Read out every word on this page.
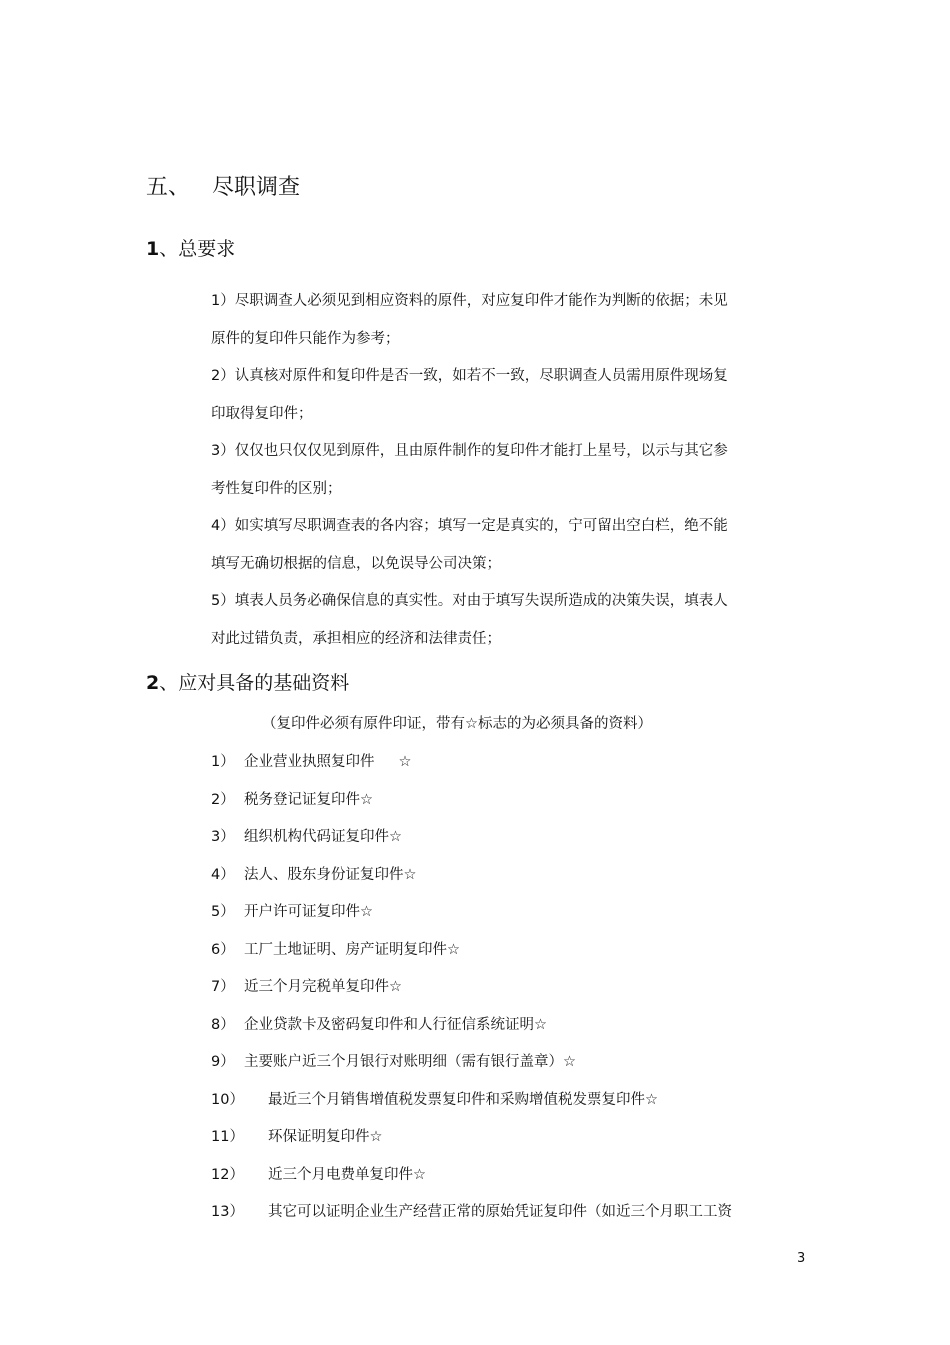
五、 尽职调查
1、总要求
1）尽职调查人必须见到相应资料的原件，对应复印件才能作为判断的依据；未见
原件的复印件只能作为参考；
2）认真核对原件和复印件是否一致，如若不一致，尽职调查人员需用原件现场复
印取得复印件；
3）仅仅也只仅仅见到原件，且由原件制作的复印件才能打上星号，以示与其它参
考性复印件的区别；
4）如实填写尽职调查表的各内容；填写一定是真实的，宁可留出空白栏，绝不能
填写无确切根据的信息，以免误导公司决策；
5）填表人员务必确保信息的真实性。对由于填写失误所造成的决策失误，填表人
对此过错负责，承担相应的经济和法律责任；
2、应对具备的基础资料
（复印件必须有原件印证，带有☆标志的为必须具备的资料）
1） 企业营业执照复印件 ☆
2） 税务登记证复印件☆
3） 组织机构代码证复印件☆
4） 法人、股东身份证复印件☆
5） 开户许可证复印件☆
6） 工厂土地证明、房产证明复印件☆
7） 近三个月完税单复印件☆
8） 企业贷款卡及密码复印件和人行征信系统证明☆
9） 主要账户近三个月银行对账明细（需有银行盖章）☆
10） 最近三个月销售增值税发票复印件和采购增值税发票复印件☆
11） 环保证明复印件☆
12） 近三个月电费单复印件☆
13） 其它可以证明企业生产经营正常的原始凭证复印件（如近三个月职工工资
3
